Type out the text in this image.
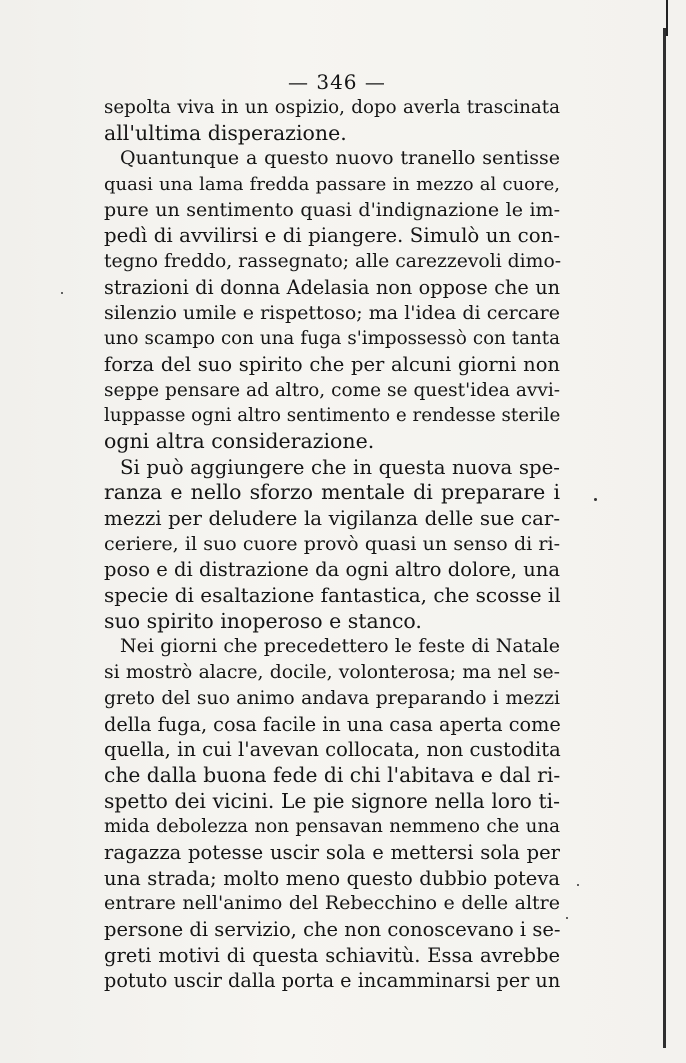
— 346 —
sepolta viva in un ospizio, dopo averla trascinata
all'ultima disperazione.
Quantunque a questo nuovo tranello sentisse
quasi una lama fredda passare in mezzo al cuore,
pure un sentimento quasi d'indignazione le im-
pedì di avvilirsi e di piangere. Simulò un con-
tegno freddo, rassegnato; alle carezzevoli dimo-
strazioni di donna Adelasia non oppose che un
silenzio umile e rispettoso; ma l'idea di cercare
uno scampo con una fuga s'impossessò con tanta
forza del suo spirito che per alcuni giorni non
seppe pensare ad altro, come se quest'idea avvi-
luppasse ogni altro sentimento e rendesse sterile
ogni altra considerazione.
Si può aggiungere che in questa nuova spe-
ranza e nello sforzo mentale di preparare i
mezzi per deludere la vigilanza delle sue car-
ceriere, il suo cuore provò quasi un senso di ri-
poso e di distrazione da ogni altro dolore, una
specie di esaltazione fantastica, che scosse il
suo spirito inoperoso e stanco.
Nei giorni che precedettero le feste di Natale
si mostrò alacre, docile, volonterosa; ma nel se-
greto del suo animo andava preparando i mezzi
della fuga, cosa facile in una casa aperta come
quella, in cui l'avevan collocata, non custodita
che dalla buona fede di chi l'abitava e dal ri-
spetto dei vicini. Le pie signore nella loro ti-
mida debolezza non pensavan nemmeno che una
ragazza potesse uscir sola e mettersi sola per
una strada; molto meno questo dubbio poteva
entrare nell'animo del Rebecchino e delle altre
persone di servizio, che non conoscevano i se-
greti motivi di questa schiavitù. Essa avrebbe
potuto uscir dalla porta e incamminarsi per un
